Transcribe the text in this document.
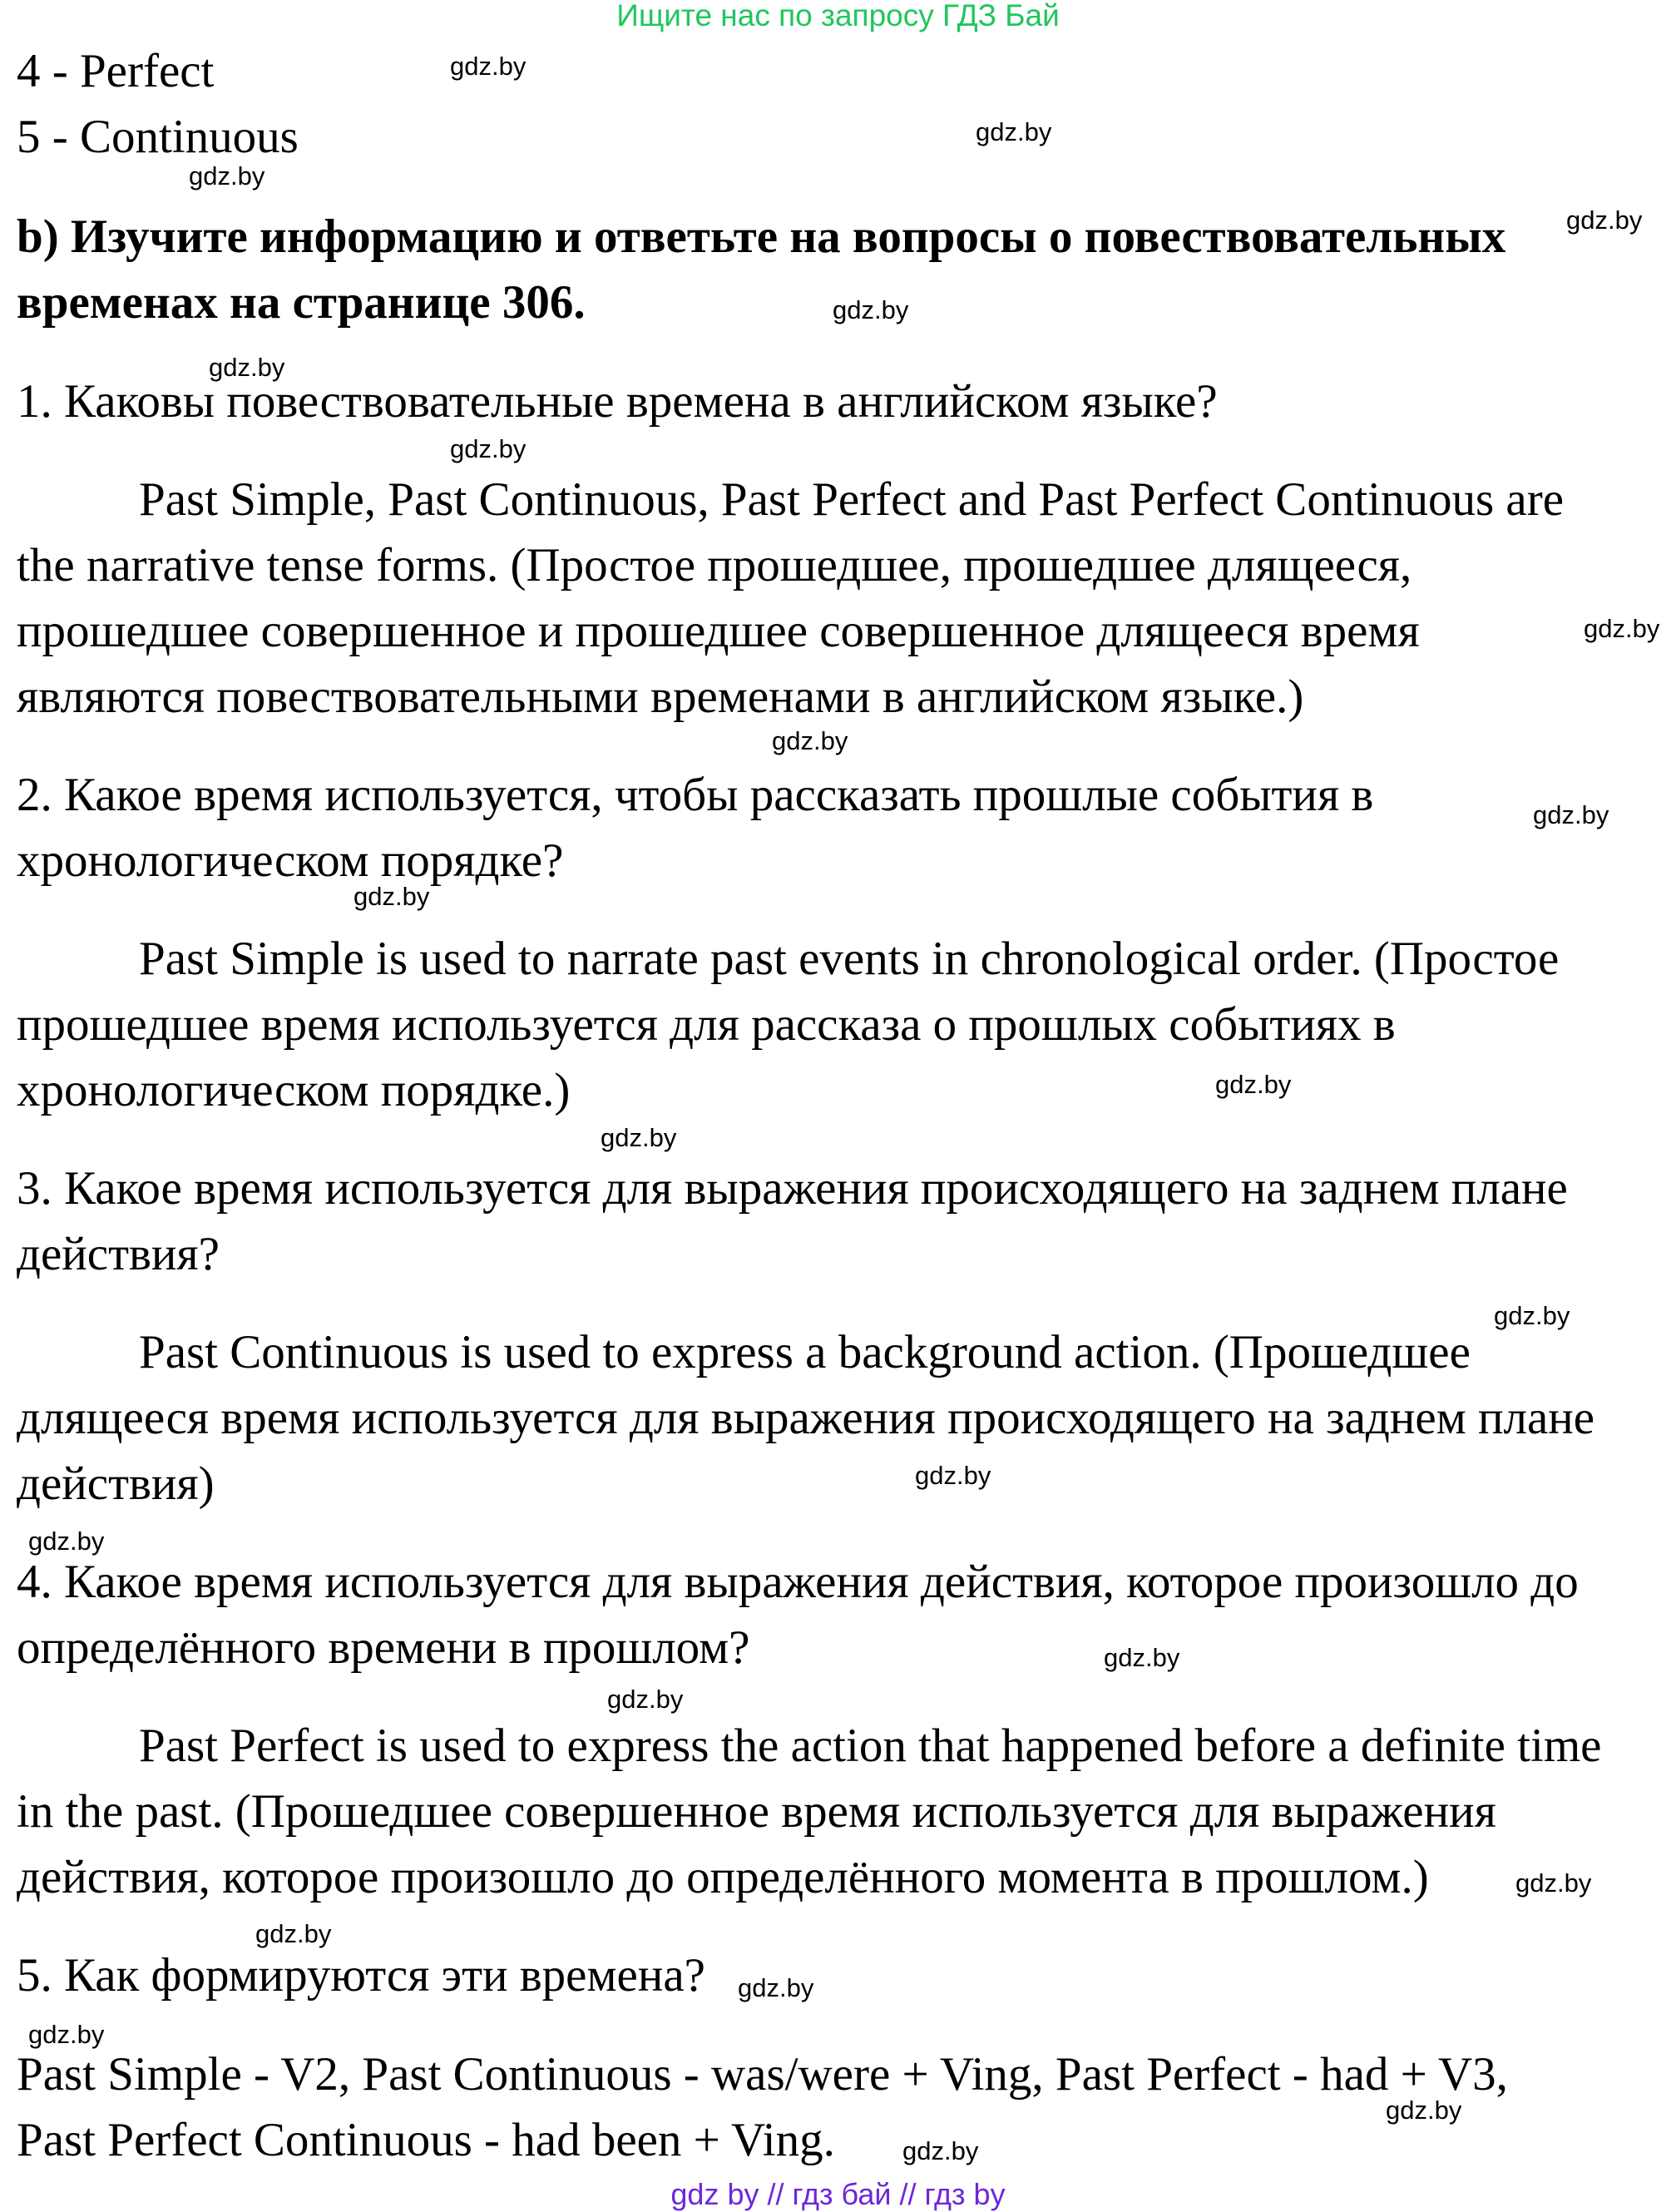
Ищите нас по запросу ГДЗ Бай

4 - Perfect

5 - Continuous

b) Изучите информацию и ответьте на вопросы о повествовательных

временах на странице 306.

1. Каковы повествовательные времена в английском языке?

Past Simple, Past Continuous, Past Perfect and Past Perfect Continuous are

the narrative tense forms. (Простое прошедшее, прошедшее длящееся,

прошедшее совершенное и прошедшее совершенное длящееся время

являются повествовательными временами в английском языке.)

2. Какое время используется, чтобы рассказать прошлые события в

хронологическом порядке?

Past Simple is used to narrate past events in chronological order. (Простое

прошедшее время используется для рассказа о прошлых событиях в

хронологическом порядке.)

3. Какое время используется для выражения происходящего на заднем плане

действия?

Past Continuous is used to express a background action. (Прошедшее

длящееся время используется для выражения происходящего на заднем плане

действия)

4. Какое время используется для выражения действия, которое произошло до

определённого времени в прошлом?

Past Perfect is used to express the action that happened before a definite time

in the past. (Прошедшее совершенное время используется для выражения

действия, которое произошло до определённого момента в прошлом.)

5. Как формируются эти времена?

Past Simple - V2, Past Continuous - was/were + Ving, Past Perfect - had + V3,

Past Perfect Continuous - had been + Ving.

gdz.by
gdz.by
gdz.by
gdz.by
gdz.by
gdz.by
gdz.by
gdz.by
gdz.by
gdz.by
gdz.by
gdz.by
gdz.by
gdz.by
gdz.by
gdz.by
gdz.by
gdz.by
gdz.by
gdz.by
gdz.by
gdz.by
gdz.by
gdz.by
gdz by // гдз бай // гдз by
